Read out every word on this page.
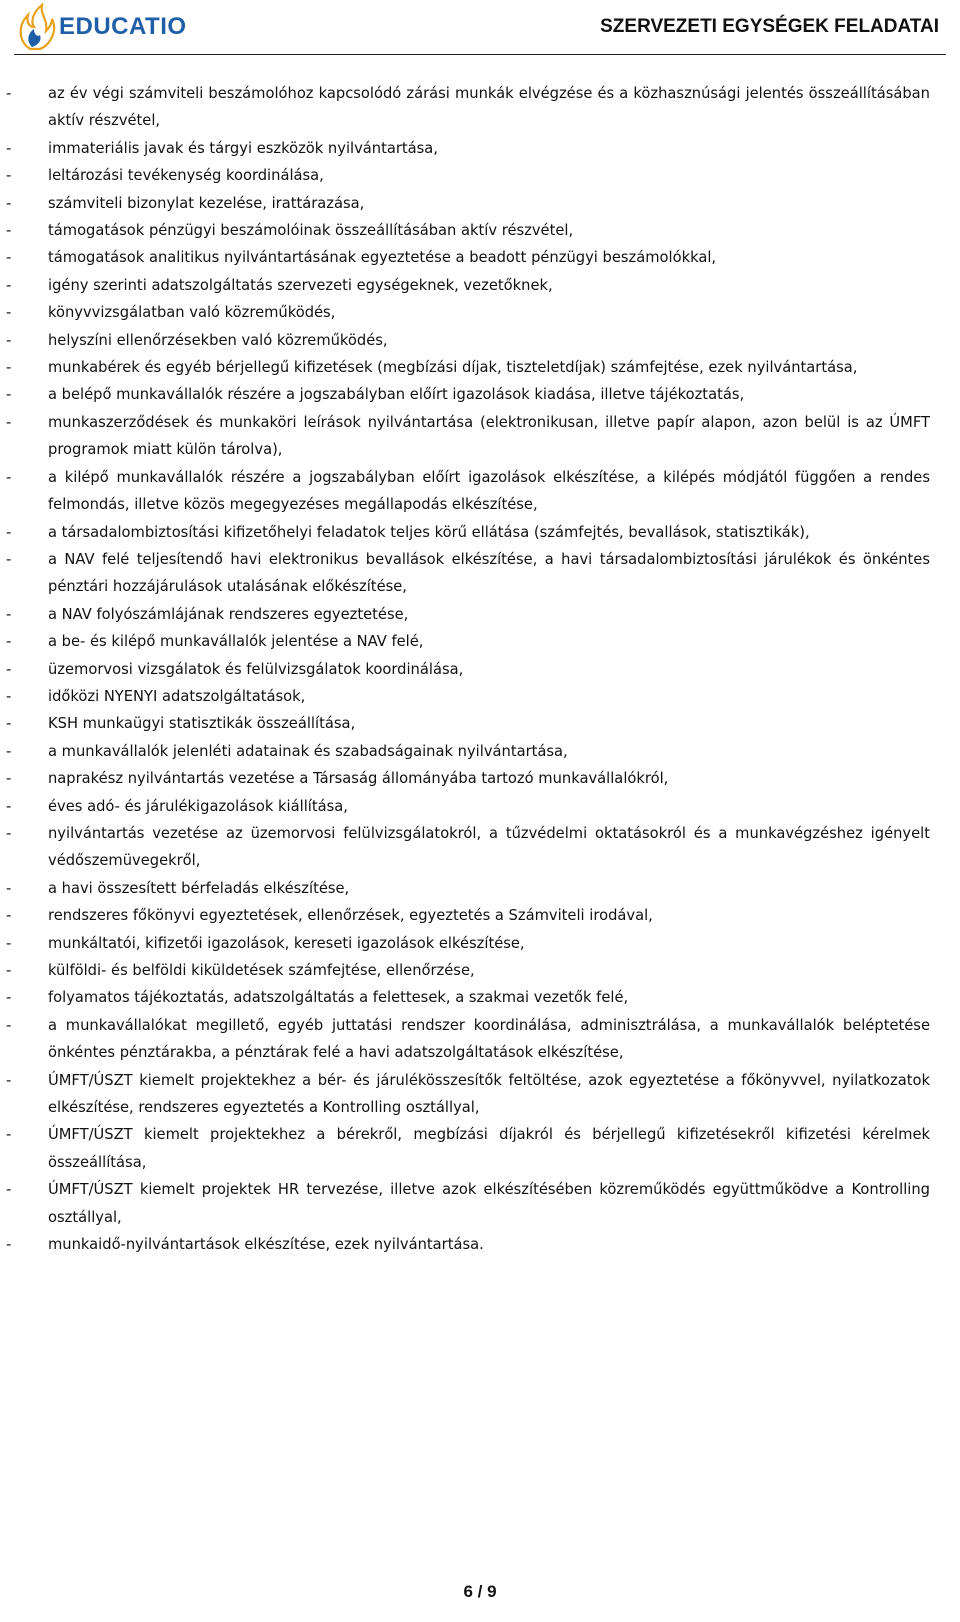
EDUCATIO	SZERVEZETI EGYSÉGEK FELADATAI
- az év végi számviteli beszámolóhoz kapcsolódó zárási munkák elvégzése és a közhasznúsági jelentés összeállításában aktív részvétel,
- immateriális javak és tárgyi eszközök nyilvántartása,
- leltározási tevékenység koordinálása,
- számviteli bizonylat kezelése, irattárazása,
- támogatások pénzügyi beszámolóinak összeállításában aktív részvétel,
- támogatások analitikus nyilvántartásának egyeztetése a beadott pénzügyi beszámolókkal,
- igény szerinti adatszolgáltatás szervezeti egységeknek, vezetőknek,
- könyvvizsgálatban való közreműködés,
- helyszíni ellenőrzésekben való közreműködés,
- munkabérek és egyéb bérjellegű kifizetések (megbízási díjak, tiszteletdíjak) számfejtése, ezek nyilvántartása,
- a belépő munkavállalók részére a jogszabályban előírt igazolások kiadása, illetve tájékoztatás,
- munkaszerződések és munkaköri leírások nyilvántartása (elektronikusan, illetve papír alapon, azon belül is az ÚMFT programok miatt külön tárolva),
- a kilépő munkavállalók részére a jogszabályban előírt igazolások elkészítése, a kilépés módjától függően a rendes felmondás, illetve közös megegyezéses megállapodás elkészítése,
- a társadalombiztosítási kifizetőhelyi feladatok teljes körű ellátása (számfejtés, bevallások, statisztikák),
- a NAV felé teljesítendő havi elektronikus bevallások elkészítése, a havi társadalombiztosítási járulékok és önkéntes pénztári hozzájárulások utalásának előkészítése,
- a NAV folyószámlájának rendszeres egyeztetése,
- a be- és kilépő munkavállalók jelentése a NAV felé,
- üzemorvosi vizsgálatok és felülvizsgálatok koordinálása,
- időközi NYENYI adatszolgáltatások,
- KSH munkaügyi statisztikák összeállítása,
- a munkavállalók jelenléti adatainak és szabadságainak nyilvántartása,
- naprakész nyilvántartás vezetése a Társaság állományába tartozó munkavállalókról,
- éves adó- és járulékigazolások kiállítása,
- nyilvántartás vezetése az üzemorvosi felülvizsgálatokról, a tűzvédelmi oktatásokról és a munkavégzéshez igényelt védőszemüvegekről,
- a havi összesített bérfeladás elkészítése,
- rendszeres főkönyvi egyeztetések, ellenőrzések, egyeztetés a Számviteli irodával,
- munkáltatói, kifizetői igazolások, kereseti igazolások elkészítése,
- külföldi- és belföldi kiküldetések számfejtése, ellenőrzése,
- folyamatos tájékoztatás, adatszolgáltatás a felettesek, a szakmai vezetők felé,
- a munkavállalókat megillető, egyéb juttatási rendszer koordinálása, adminisztrálása, a munkavállalók beléptetése önkéntes pénztárakba, a pénztárak felé a havi adatszolgáltatások elkészítése,
- ÚMFT/ÚSZT kiemelt projektekhez a bér- és járulékösszesítők feltöltése, azok egyeztetése a főkönyvvel, nyilatkozatok elkészítése, rendszeres egyeztetés a Kontrolling osztállyal,
- ÚMFT/ÚSZT kiemelt projektekhez a bérekről, megbízási díjakról és bérjellegű kifizetésekről kifizetési kérelmek összeállítása,
- ÚMFT/ÚSZT kiemelt projektek HR tervezése, illetve azok elkészítésében közreműködés együttműködve a Kontrolling osztállyal,
- munkaidő-nyilvántartások elkészítése, ezek nyilvántartása.
6 / 9
